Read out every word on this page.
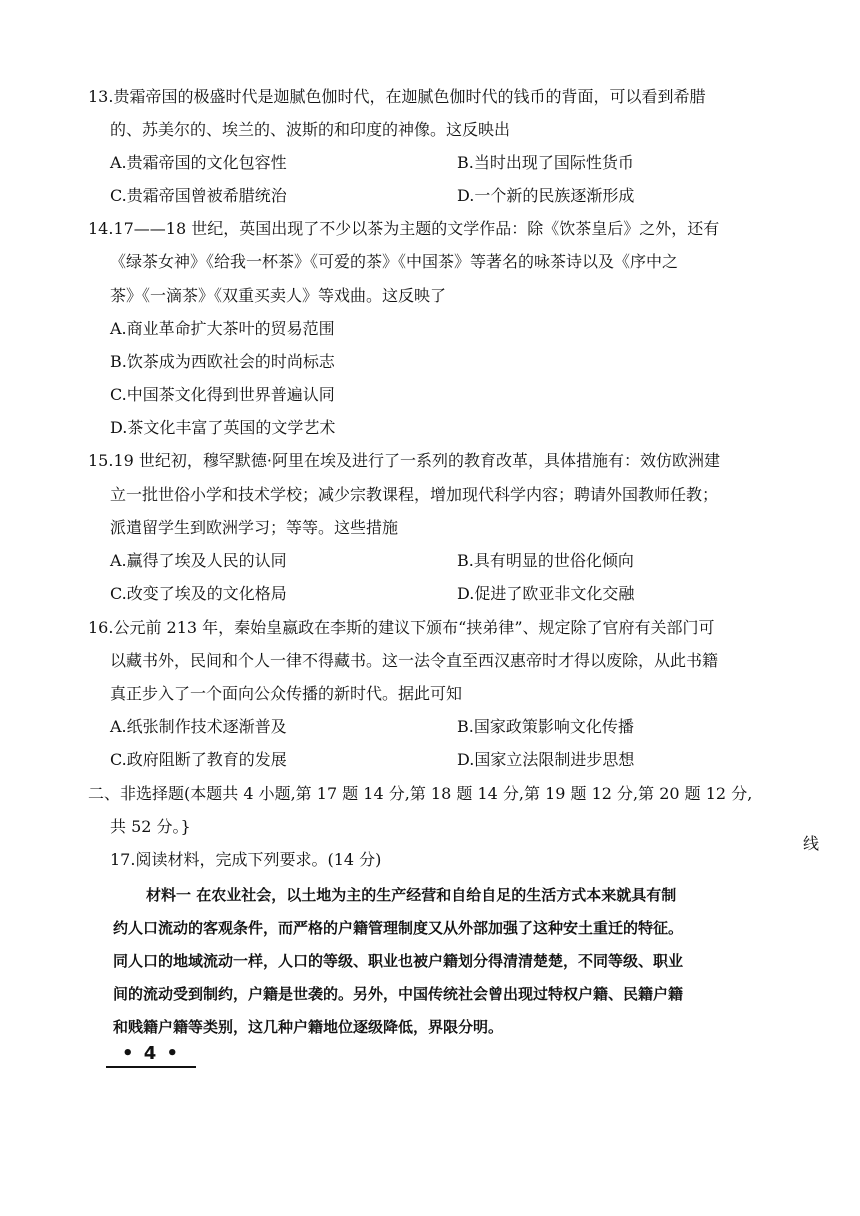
13.贵霜帝国的极盛时代是迦腻色伽时代，在迦腻色伽时代的钱币的背面，可以看到希腊
的、苏美尔的、埃兰的、波斯的和印度的神像。这反映出
A.贵霜帝国的文化包容性	B.当时出现了国际性货币
C.贵霜帝国曾被希腊统治	D.一个新的民族逐渐形成
14.17——18 世纪，英国出现了不少以茶为主题的文学作品：除《饮茶皇后》之外，还有
《绿茶女神》《给我一杯茶》《可爱的茶》《中国茶》等著名的咏茶诗以及《序中之
茶》《一滴茶》《双重买卖人》等戏曲。这反映了
A.商业革命扩大茶叶的贸易范围
B.饮茶成为西欧社会的时尚标志
C.中国茶文化得到世界普遍认同
D.茶文化丰富了英国的文学艺术
15.19 世纪初，穆罕默德·阿里在埃及进行了一系列的教育改革，具体措施有：效仿欧洲建
立一批世俗小学和技术学校；减少宗教课程，增加现代科学内容；聘请外国教师任教；
派遣留学生到欧洲学习；等等。这些措施
A.赢得了埃及人民的认同	B.具有明显的世俗化倾向
C.改变了埃及的文化格局	D.促进了欧亚非文化交融
16.公元前 213 年，秦始皇嬴政在李斯的建议下颁布“挟弟律”、规定除了官府有关部门可
以藏书外，民间和个人一律不得藏书。这一法令直至西汉惠帝时才得以废除，从此书籍
真正步入了一个面向公众传播的新时代。据此可知
A.纸张制作技术逐渐普及	B.国家政策影响文化传播
C.政府阻断了教育的发展	D.国家立法限制进步思想
二、非选择题(本题共 4 小题,第 17 题 14 分,第 18 题 14 分,第 19 题 12 分,第 20 题 12 分,
共 52 分。}
线
17.阅读材料，完成下列要求。(14 分)
材料一 在农业社会，以土地为主的生产经营和自给自足的生活方式本来就具有制
约人口流动的客观条件，而严格的户籍管理制度又从外部加强了这种安土重迁的特征。
同人口的地域流动一样，人口的等级、职业也被户籍划分得清清楚楚，不同等级、职业
间的流动受到制约，户籍是世袭的。另外，中国传统社会曾出现过特权户籍、民籍户籍
和贱籍户籍等类别，这几种户籍地位逐级降低，界限分明。
• 4 •
